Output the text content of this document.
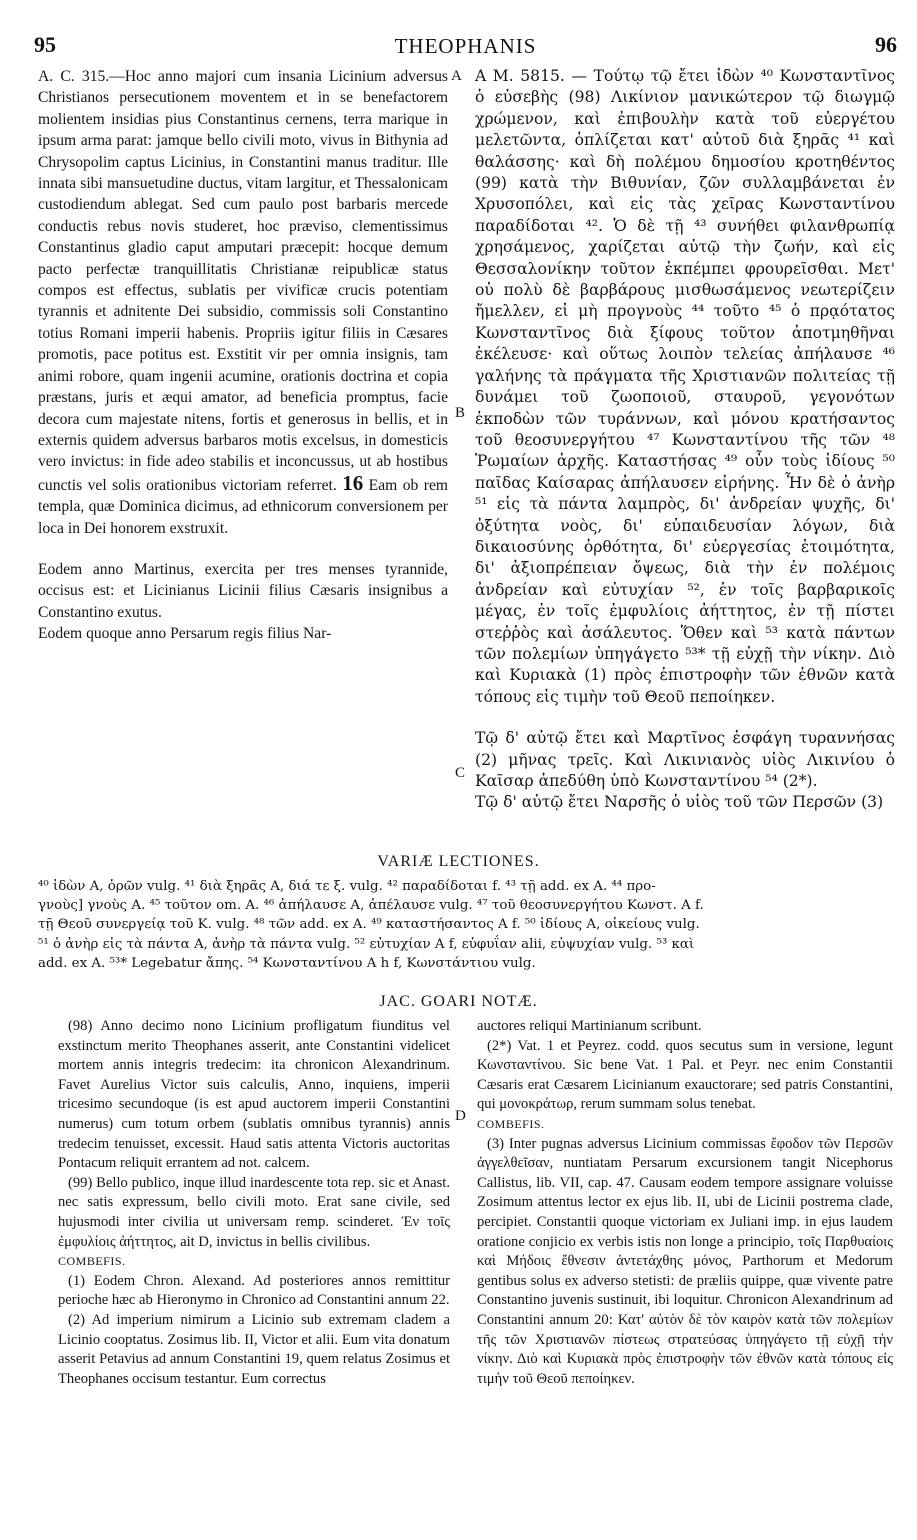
95	THEOPHANIS	96
A
B
C
D

A. C. 315.—Hoc anno majori cum insania Licinium adversus Christianos persecutionem moventem et in se benefactorem molientem insidias pius Constantinus cernens, terra marique in ipsum arma parat: jamque bello civili moto, vivus in Bithynia ad Chrysopolim captus Licinius, in Constantini manus traditur. Ille innata sibi mansuetudine ductus, vitam largitur, et Thessalonicam custodiendum ablegat. Sed cum paulo post barbaris mercede conductis rebus novis studeret, hoc præviso, clementissimus Constantinus gladio caput amputari præcepit: hocque demum pacto perfectæ tranquillitatis Christianæ reipublicæ status compos est effectus, sublatis per vivificæ crucis potentiam tyrannis et adnitente Dei subsidio, commissis soli Constantino totius Romani imperii habenis. Propriis igitur filiis in Cæsares promotis, pace potitus est. Exstitit vir per omnia insignis, tam animi robore, quam ingenii acumine, orationis doctrina et copia præstans, juris et æqui amator, ad beneficia promptus, facie decora cum majestate nitens, fortis et generosus in bellis, et in externis quidem adversus barbaros motis excelsus, in domesticis vero invictus: in fide adeo stabilis et inconcussus, ut ab hostibus cunctis vel solis orationibus victoriam referret. 16 Eam ob rem templa, quæ Dominica dicimus, ad ethnicorum conversionem per loca in Dei honorem exstruxit.

Eodem anno Martinus, exercita per tres menses tyrannide, occisus est: et Licinianus Licinii filius Cæsaris insignibus a Constantino exutus.

Eodem quoque anno Persarum regis filius Nar-

Α Μ. 5815. — Τούτῳ τῷ ἔτει ἰδὼν ⁴⁰ Κωνσταντῖνος ὁ εὐσεβὴς (98) Λικίνιον μανικώτερον τῷ διωγμῷ χρώμενον, καὶ ἐπιβουλὴν κατὰ τοῦ εὐεργέτου μελετῶντα, ὁπλίζεται κατ' αὐτοῦ διὰ ξηρᾶς ⁴¹ καὶ θαλάσσης· καὶ δὴ πολέμου δημοσίου κροτηθέντος (99) κατὰ τὴν Βιθυνίαν, ζῶν συλλαμβάνεται ἐν Χρυσοπόλει, καὶ εἰς τὰς χεῖρας Κωνσταντίνου παραδίδοται ⁴². Ὁ δὲ τῇ ⁴³ συνήθει φιλανθρωπίᾳ χρησάμενος, χαρίζεται αὐτῷ τὴν ζωήν, καὶ εἰς Θεσσαλονίκην τοῦτον ἐκπέμπει φρουρεῖσθαι. Μετ' οὐ πολὺ δὲ βαρβάρους μισθωσάμενος νεωτερίζειν ἤμελλεν, εἰ μὴ προγνοὺς ⁴⁴ τοῦτο ⁴⁵ ὁ πρᾳότατος Κωνσταντῖνος διὰ ξίφους τοῦτον ἀποτμηθῆναι ἐκέλευσε· καὶ οὕτως λοιπὸν τελείας ἀπήλαυσε ⁴⁶ γαλήνης τὰ πράγματα τῆς Χριστιανῶν πολιτείας τῇ δυνάμει τοῦ ζωοποιοῦ, σταυροῦ, γεγονότων ἐκποδὼν τῶν τυράννων, καὶ μόνου κρατήσαντος τοῦ θεοσυνεργήτου ⁴⁷ Κωνσταντίνου τῆς τῶν ⁴⁸ Ῥωμαίων ἀρχῆς. Καταστήσας ⁴⁹ οὖν τοὺς ἰδίους ⁵⁰ παῖδας Καίσαρας ἀπήλαυσεν εἰρήνης. Ἦν δὲ ὁ ἀνὴρ ⁵¹ εἰς τὰ πάντα λαμπρὸς, δι' ἀνδρείαν ψυχῆς, δι' ὀξύτητα νοὸς, δι' εὐπαιδευσίαν λόγων, διὰ δικαιοσύνης ὀρθότητα, δι' εὐεργεσίας ἑτοιμότητα, δι' ἀξιοπρέπειαν ὄψεως, διὰ τὴν ἐν πολέμοις ἀνδρείαν καὶ εὐτυχίαν ⁵², ἐν τοῖς βαρβαρικοῖς μέγας, ἐν τοῖς ἐμφυλίοις ἀήττητος, ἐν τῇ πίστει στεῤῥὸς καὶ ἀσάλευτος. Ὅθεν καὶ ⁵³ κατὰ πάντων τῶν πολεμίων ὑπηγάγετο ⁵³* τῇ εὐχῇ τὴν νίκην. Διὸ καὶ Κυριακὰ (1) πρὸς ἐπιστροφὴν τῶν ἐθνῶν κατὰ τόπους εἰς τιμὴν τοῦ Θεοῦ πεποίηκεν.

Τῷ δ' αὐτῷ ἔτει καὶ Μαρτῖνος ἐσφάγη τυραννήσας (2) μῆνας τρεῖς. Καὶ Λικινιανὸς υἱὸς Λικινίου ὁ Καῖσαρ ἀπεδύθη ὑπὸ Κωνσταντίνου ⁵⁴ (2*).

Τῷ δ' αὐτῷ ἔτει Ναρσῆς ὁ υἱὸς τοῦ τῶν Περσῶν (3)

VARIÆ LECTIONES.
⁴⁰ ἰδὼν A, ὁρῶν vulg. ⁴¹ διὰ ξηρᾶς A, διά τε ξ. vulg. ⁴² παραδίδοται f. ⁴³ τῇ add. ex A. ⁴⁴ προ-
γνοὺς] γνοὺς A. ⁴⁵ τοῦτον om. A. ⁴⁶ ἀπήλαυσε A, ἀπέλαυσε vulg. ⁴⁷ τοῦ θεοσυνεργήτου Κωνστ. A f.
τῇ Θεοῦ συνεργείᾳ τοῦ K. vulg. ⁴⁸ τῶν add. ex A. ⁴⁹ καταστήσαντος A f. ⁵⁰ ἰδίους A, οἰκείους vulg.
⁵¹ ὁ ἀνὴρ εἰς τὰ πάντα A, ἀνὴρ τὰ πάντα vulg. ⁵² εὐτυχίαν A f, εὐφυΐαν alii, εὐψυχίαν vulg. ⁵³ καὶ
add. ex A. ⁵³* Legebatur ἄπης. ⁵⁴ Κωνσταντίνου A h f, Κωνστάντιου vulg.
JAC. GOARI NOTÆ.

(98) Anno decimo nono Licinium profligatum fiunditus vel exstinctum merito Theophanes asserit, ante Constantini videlicet mortem annis integris tredecim: ita chronicon Alexandrinum. Favet Aurelius Victor suis calculis, Anno, inquiens, imperii tricesimo secundoque (is est apud auctorem imperii Constantini numerus) cum totum orbem (sublatis omnibus tyrannis) annis tredecim tenuisset, excessit. Haud satis attenta Victoris auctoritas Pontacum reliquit errantem ad not. calcem.

(99) Bello publico, inque illud inardescente tota rep. sic et Anast. nec satis expressum, bello civili moto. Erat sane civile, sed hujusmodi inter civilia ut universam remp. scinderet. Ἐν τοῖς ἐμφυλίοις ἀήττητος, ait D, invictus in bellis civilibus.

COMBEFIS.

(1) Eodem Chron. Alexand. Ad posteriores annos remittitur perioche hæc ab Hieronymo in Chronico ad Constantini annum 22.

(2) Ad imperium nimirum a Licinio sub extremam cladem a Licinio cooptatus. Zosimus lib. II, Victor et alii. Eum vita donatum asserit Petavius ad annum Constantini 19, quem relatus Zosimus et Theophanes occisum testantur. Eum correctus

auctores reliqui Martinianum scribunt.

(2*) Vat. 1 et Peyrez. codd. quos secutus sum in versione, legunt Κωνσταντίνου. Sic bene Vat. 1 Pal. et Peyr. nec enim Constantii Cæsaris erat Cæsarem Licinianum exauctorare; sed patris Constantini, qui μονοκράτωρ, rerum summam solus tenebat.

COMBEFIS.

(3) Inter pugnas adversus Licinium commissas ἔφοδον τῶν Περσῶν ἀγγελθεῖσαν, nuntiatam Persarum excursionem tangit Nicephorus Callistus, lib. VII, cap. 47. Causam eodem tempore assignare voluisse Zosimum attentus lector ex ejus lib. II, ubi de Licinii postrema clade, percipiet. Constantii quoque victoriam ex Juliani imp. in ejus laudem oratione conjicio ex verbis istis non longe a principio, τοῖς Παρθυαίοις καὶ Μήδοις ἔθνεσιν ἀντετάχθης μόνος, Parthorum et Medorum gentibus solus ex adverso stetisti: de præliis quippe, quæ vivente patre Constantino juvenis sustinuit, ibi loquitur. Chronicon Alexandrinum ad Constantini annum 20: Κατ' αὐτὸν δὲ τὸν καιρὸν κατὰ τῶν πολεμίων τῆς τῶν Χριστιανῶν πίστεως στρατεύσας ὑπηγάγετο τῇ εὐχῇ τὴν νίκην. Διὸ καὶ Κυριακὰ πρὸς ἐπιστροφὴν τῶν ἐθνῶν κατὰ τόπους εἰς τιμὴν τοῦ Θεοῦ πεποίηκεν.
